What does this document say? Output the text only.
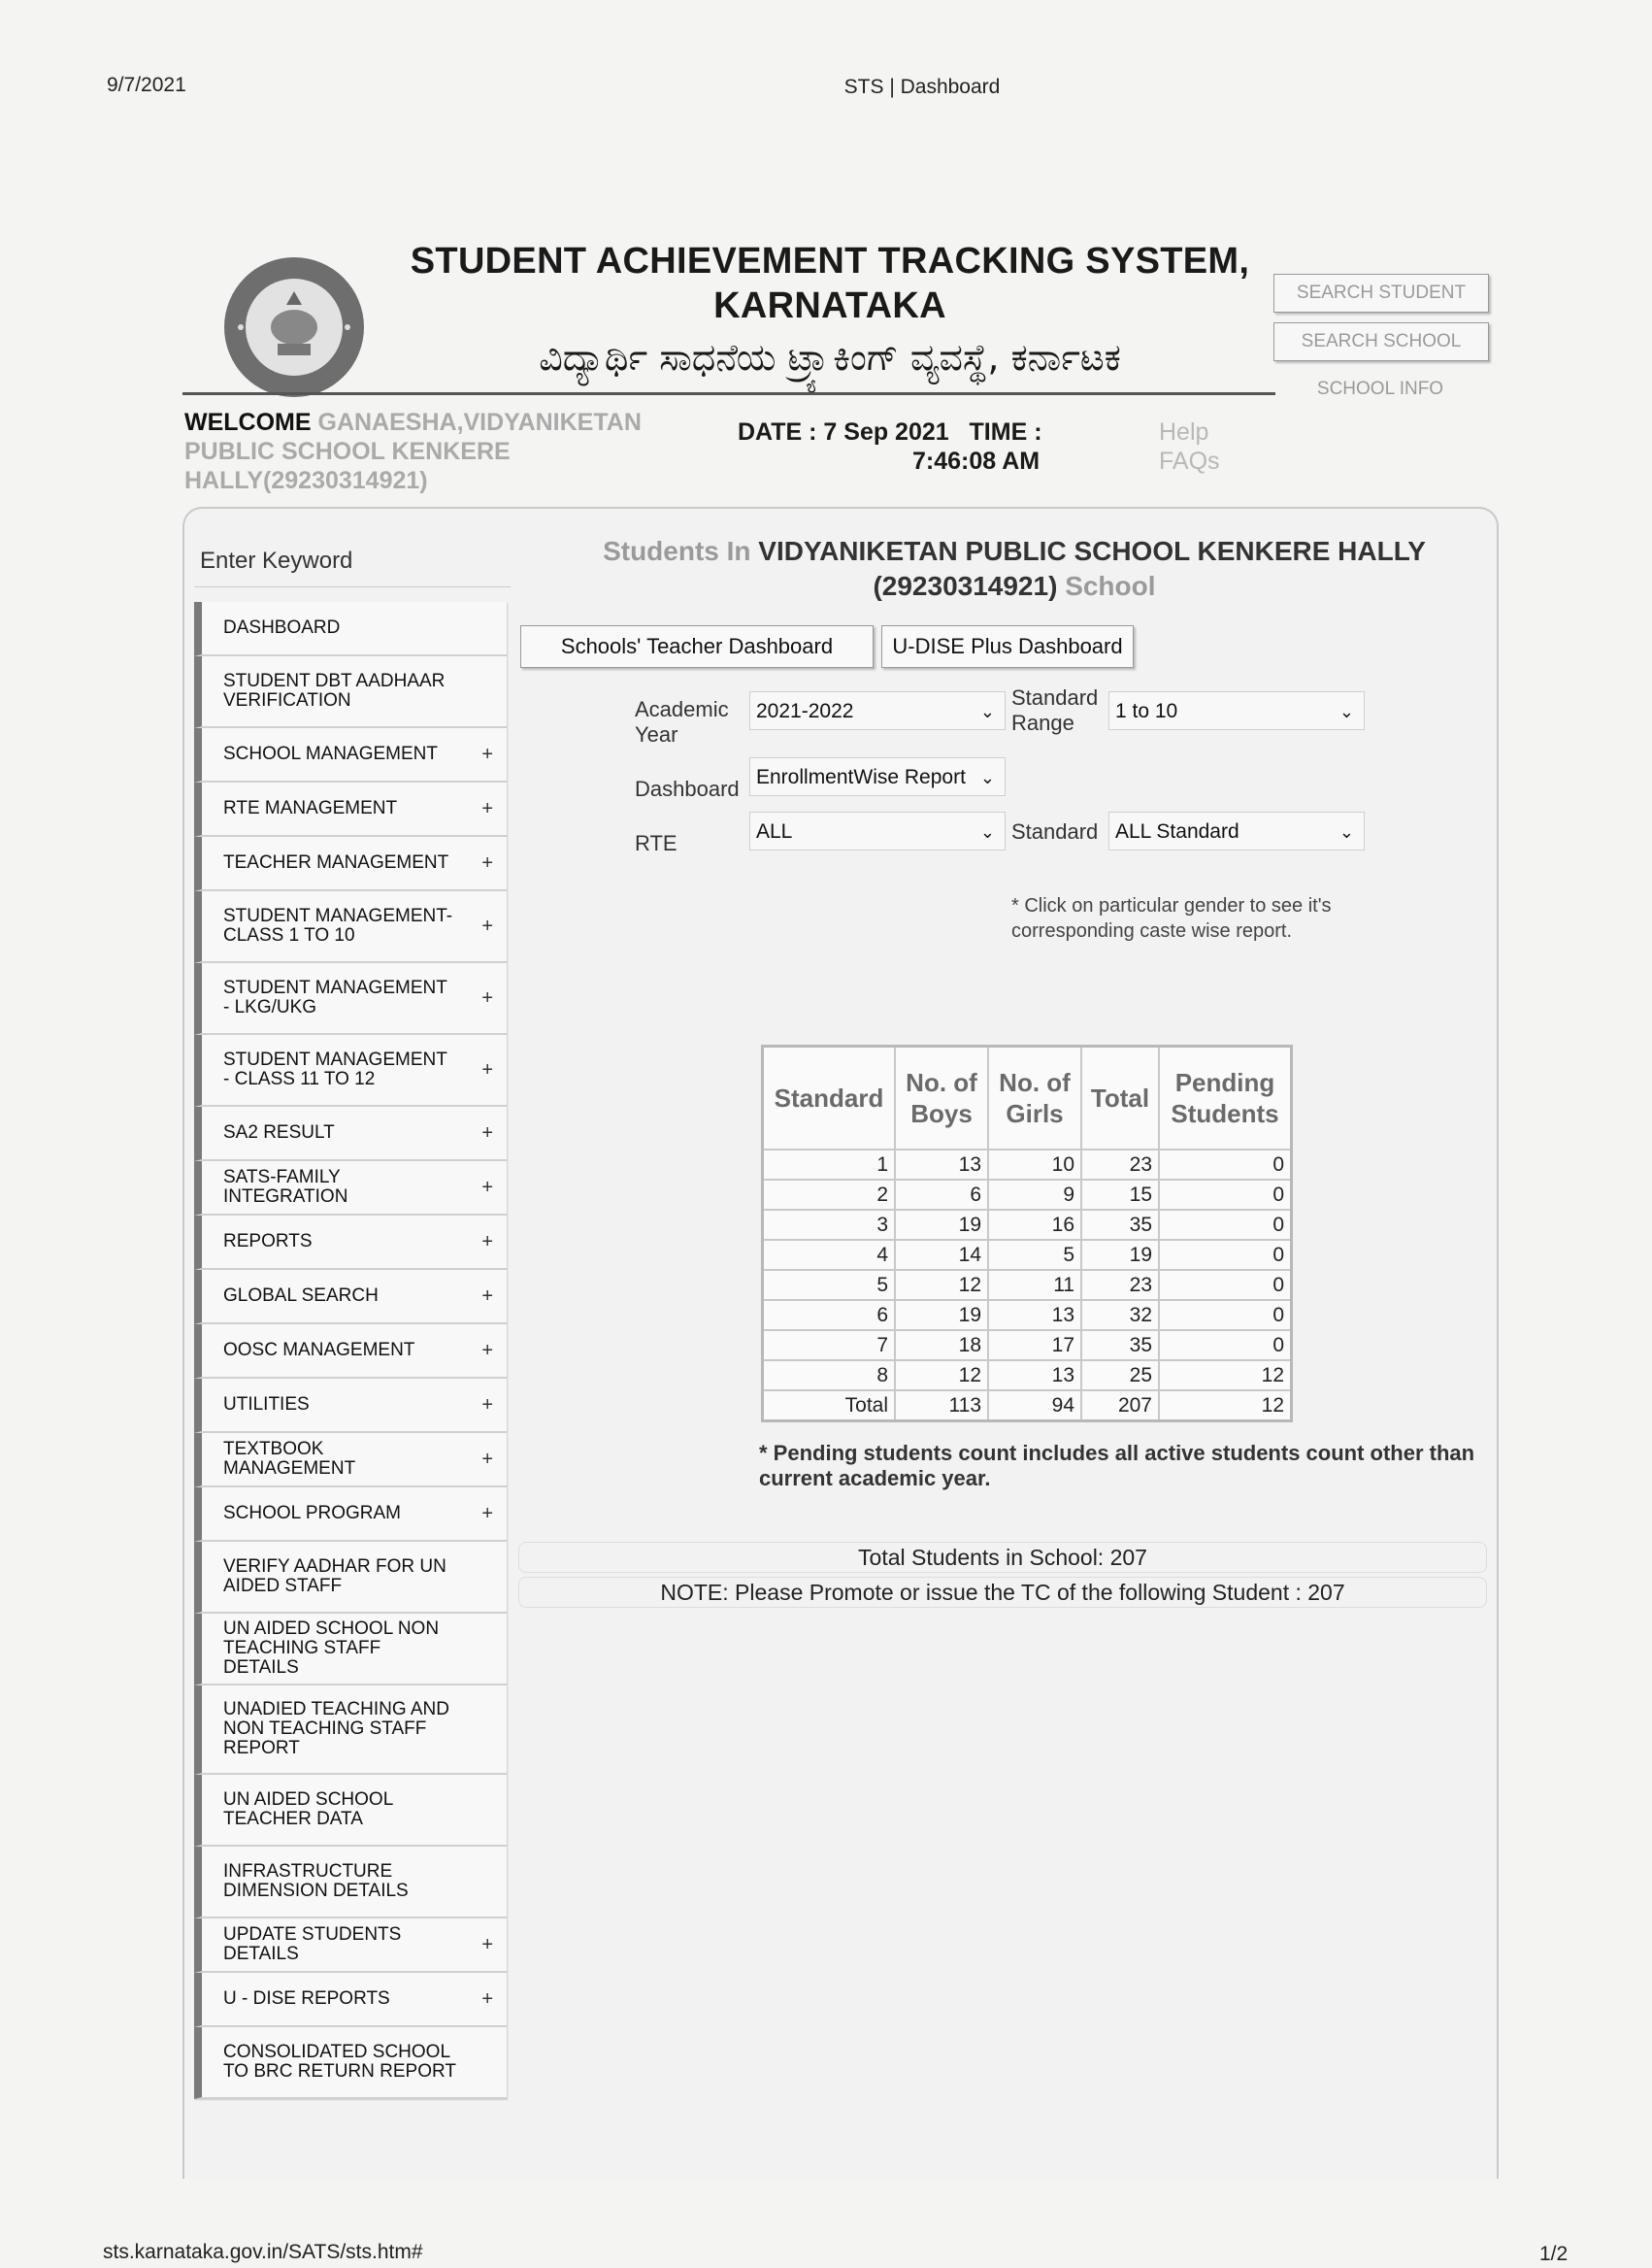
9/7/2021	STS | Dashboard
STUDENT ACHIEVEMENT TRACKING SYSTEM,
KARNATAKA
ವಿದ್ಯಾರ್ಥಿ ಸಾಧನೆಯ ಟ್ರ್ಯಾಕಿಂಗ್ ವ್ಯವಸ್ಥೆ, ಕರ್ನಾಟಕ
SEARCH STUDENT
SEARCH SCHOOL
SCHOOL INFO
WELCOME GANAESHA,VIDYANIKETAN PUBLIC SCHOOL KENKERE HALLY(29230314921)
DATE : 7 Sep 2021 TIME :
7:46:08 AM
Help
FAQs
Enter Keyword
DASHBOARD
STUDENT DBT AADHAAR VERIFICATION
SCHOOL MANAGEMENT +
RTE MANAGEMENT	+
TEACHER MANAGEMENT +
STUDENT MANAGEMENT- CLASS 1 TO 10	+
STUDENT MANAGEMENT - LKG/UKG	+
STUDENT MANAGEMENT - CLASS 11 TO 12	+
SA2 RESULT	+
SATS-FAMILY INTEGRATION	+
REPORTS	+
GLOBAL SEARCH	+
OOSC MANAGEMENT	+
UTILITIES	+
TEXTBOOK MANAGEMENT	+
SCHOOL PROGRAM	+
VERIFY AADHAR FOR UN AIDED STAFF
UN AIDED SCHOOL NON TEACHING STAFF DETAILS
UNADIED TEACHING AND NON TEACHING STAFF REPORT
UN AIDED SCHOOL TEACHER DATA
INFRASTRUCTURE DIMENSION DETAILS
UPDATE STUDENTS DETAILS	+
U - DISE REPORTS	+
CONSOLIDATED SCHOOL TO BRC RETURN REPORT
Students In VIDYANIKETAN PUBLIC SCHOOL KENKERE HALLY
(29230314921) School
Schools' Teacher Dashboard	U-DISE Plus Dashboard
Academic Year
2021-2022	⌄
Standard Range	1 to 10	⌄
Dashboard EnrollmentWise Report ⌄
RTE	ALL	⌄ Standard ALL Standard	⌄
* Click on particular gender to see it's corresponding caste wise report.
Standard	No. of Boys	No. of Girls	Total	Pending Students
1	13	10	23	0
2	6	9	15	0
3	19	16	35	0
4	14	5	19	0
5	12	11	23	0
6	19	13	32	0
7	18	17	35	0
8	12	13	25	12
Total	113	94	207	12
* Pending students count includes all active students count other than current academic year.
Total Students in School: 207
NOTE: Please Promote or issue the TC of the following Student : 207
sts.karnataka.gov.in/SATS/sts.htm#	1/2
